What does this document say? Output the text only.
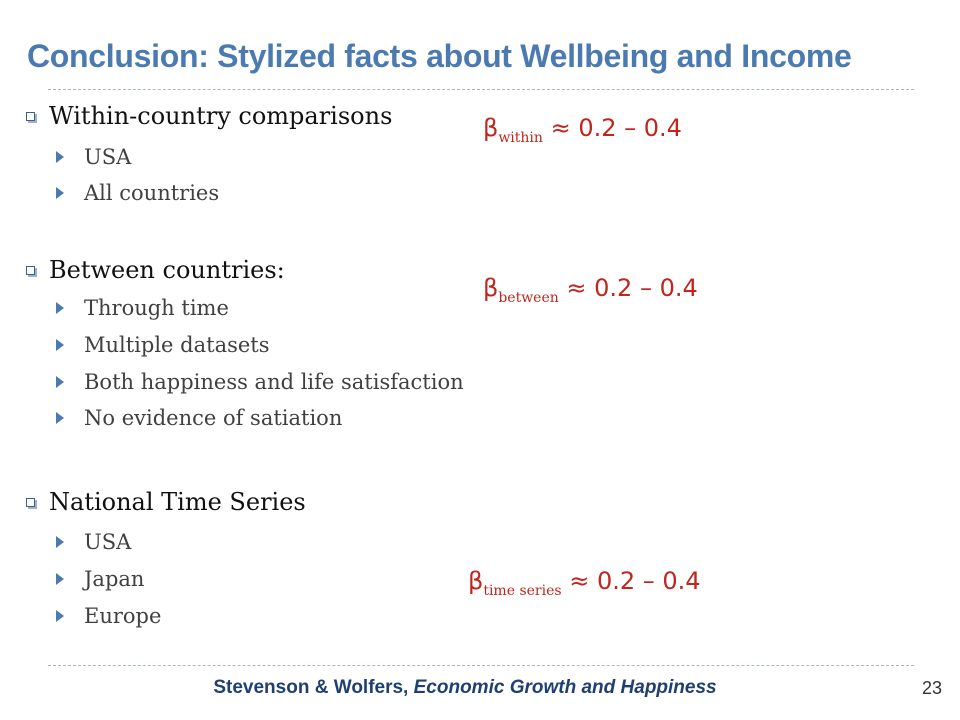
Conclusion: Stylized facts about Wellbeing and Income
Within-country comparisons
USA
All countries
Between countries:
Through time
Multiple datasets
Both happiness and life satisfaction
No evidence of satiation
National Time Series
USA
Japan
Europe
$\beta_{within} \approx 0.2 - 0.4$
$\beta_{between} \approx 0.2 - 0.4$
$\beta_{time series} \approx 0.2 - 0.4$
Stevenson & Wolfers, Economic Growth and Happiness	23
